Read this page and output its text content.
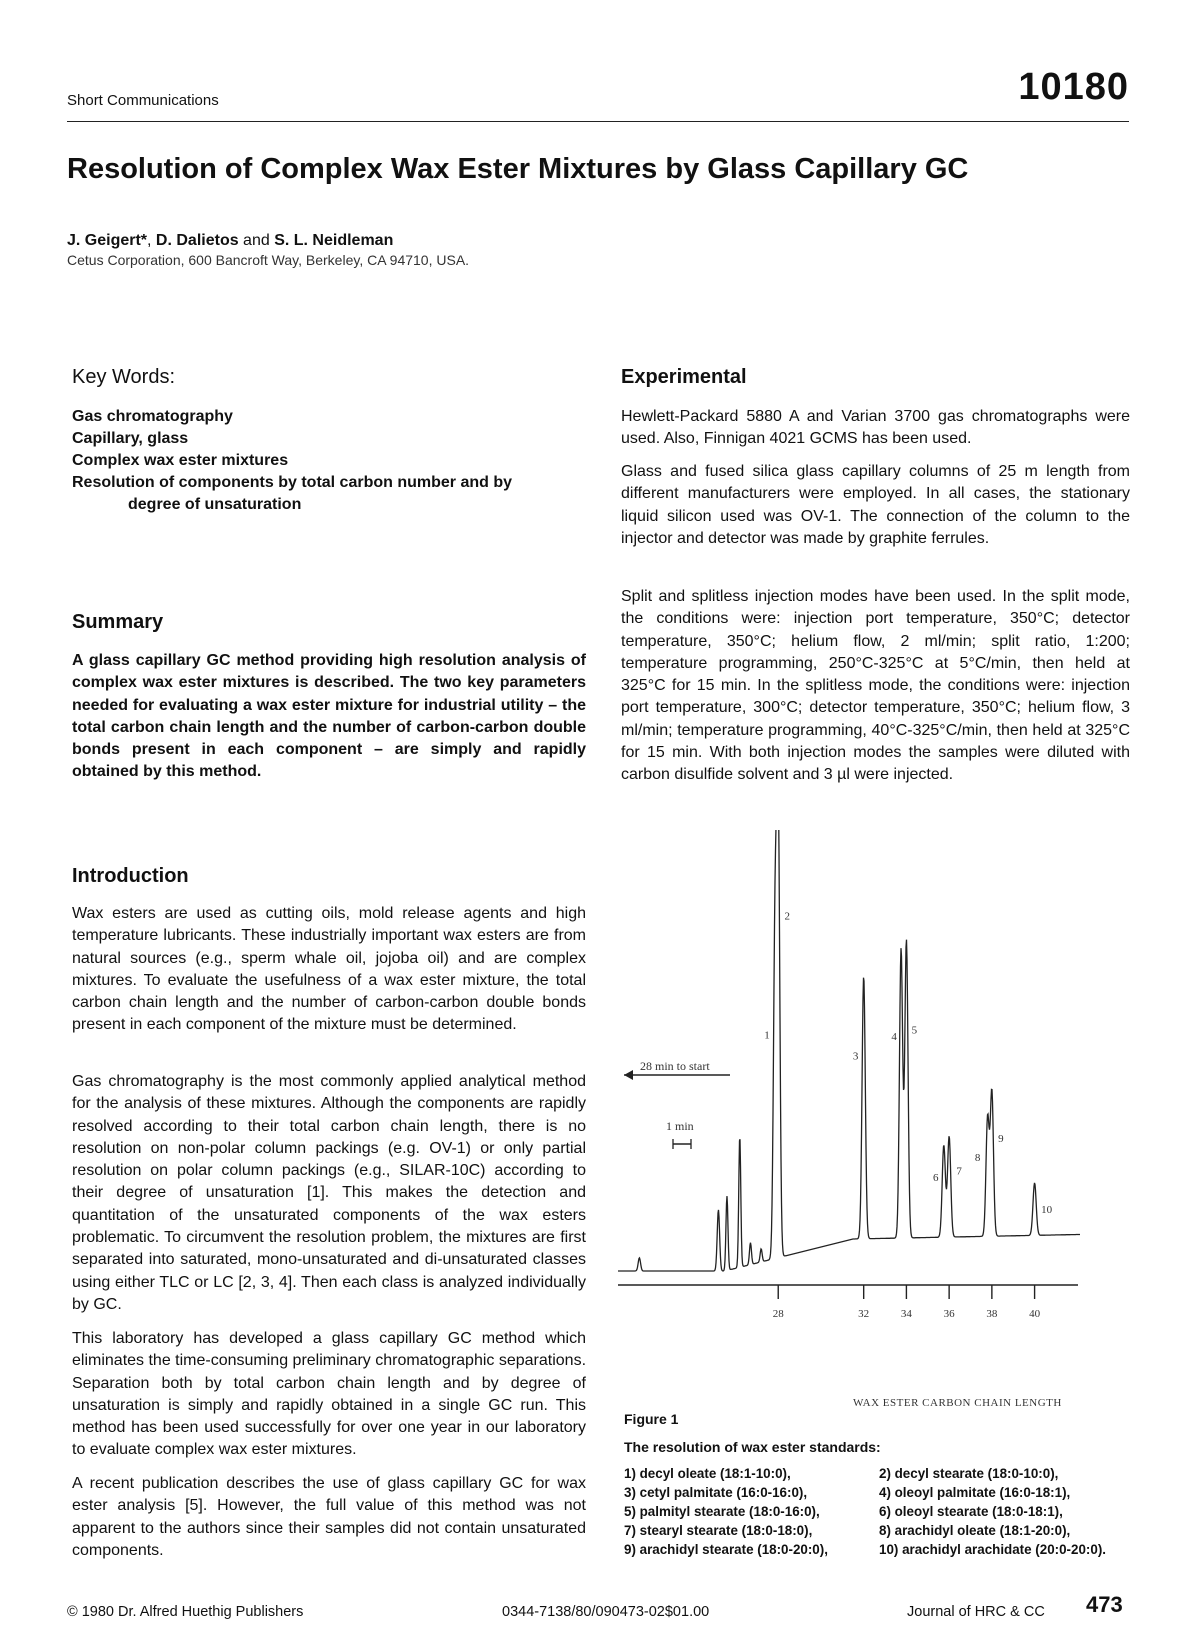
Short Communications	10180
Resolution of Complex Wax Ester Mixtures by Glass Capillary GC
J. Geigert*, D. Dalietos and S. L. Neidleman
Cetus Corporation, 600 Bancroft Way, Berkeley, CA 94710, USA.
Key Words:
Gas chromatography
Capillary, glass
Complex wax ester mixtures
Resolution of components by total carbon number and by
degree of unsaturation
Summary

A glass capillary GC method providing high resolution analysis of complex wax ester mixtures is described. The two key parameters needed for evaluating a wax ester mixture for industrial utility – the total carbon chain length and the number of carbon-carbon double bonds present in each component – are simply and rapidly obtained by this method.

Introduction

Wax esters are used as cutting oils, mold release agents and high temperature lubricants. These industrially important wax esters are from natural sources (e.g., sperm whale oil, jojoba oil) and are complex mixtures. To evaluate the usefulness of a wax ester mixture, the total carbon chain length and the number of carbon-carbon double bonds present in each component of the mixture must be determined.

Gas chromatography is the most commonly applied analytical method for the analysis of these mixtures. Although the components are rapidly resolved according to their total carbon chain length, there is no resolution on non-polar column packings (e.g. OV-1) or only partial resolution on polar column packings (e.g., SILAR-10C) according to their degree of unsaturation [1]. This makes the detection and quantitation of the unsaturated components of the wax esters problematic. To circumvent the resolution problem, the mixtures are first separated into saturated, mono-unsaturated and di-unsaturated classes using either TLC or LC [2, 3, 4]. Then each class is analyzed individually by GC.

This laboratory has developed a glass capillary GC method which eliminates the time-consuming preliminary chromatographic separations. Separation both by total carbon chain length and by degree of unsaturation is simply and rapidly obtained in a single GC run. This method has been used successfully for over one year in our laboratory to evaluate complex wax ester mixtures.

A recent publication describes the use of glass capillary GC for wax ester analysis [5]. However, the full value of this method was not apparent to the authors since their samples did not contain unsaturated components.

Experimental

Hewlett-Packard 5880 A and Varian 3700 gas chromatographs were used. Also, Finnigan 4021 GCMS has been used.

Glass and fused silica glass capillary columns of 25 m length from different manufacturers were employed. In all cases, the stationary liquid silicon used was OV-1. The connection of the column to the injector and detector was made by graphite ferrules.

Split and splitless injection modes have been used. In the split mode, the conditions were: injection port temperature, 350°C; detector temperature, 350°C; helium flow, 2 ml/min; split ratio, 1:200; temperature programming, 250°C-325°C at 5°C/min, then held at 325°C for 15 min. In the splitless mode, the conditions were: injection port temperature, 300°C; detector temperature, 350°C; helium flow, 3 ml/min; temperature programming, 40°C-325°C/min, then held at 325°C for 15 min. With both injection modes the samples were diluted with carbon disulfide solvent and 3 µl were injected.

28	32	34	36	38	40
1
2
3
4
5
6
7
8
9
10
WAX ESTER CARBON CHAIN LENGTH
28 min to start
1 min
Figure 1
The resolution of wax ester standards:
1) decyl oleate (18:1-10:0),	2) decyl stearate (18:0-10:0),
3) cetyl palmitate (16:0-16:0),	4) oleoyl palmitate (16:0-18:1),
5) palmityl stearate (18:0-16:0),	6) oleoyl stearate (18:0-18:1),
7) stearyl stearate (18:0-18:0),	8) arachidyl oleate (18:1-20:0),
9) arachidyl stearate (18:0-20:0),	10) arachidyl arachidate (20:0-20:0).
© 1980 Dr. Alfred Huethig Publishers	0344-7138/80/090473-02$01.00	Journal of HRC & CC 473
